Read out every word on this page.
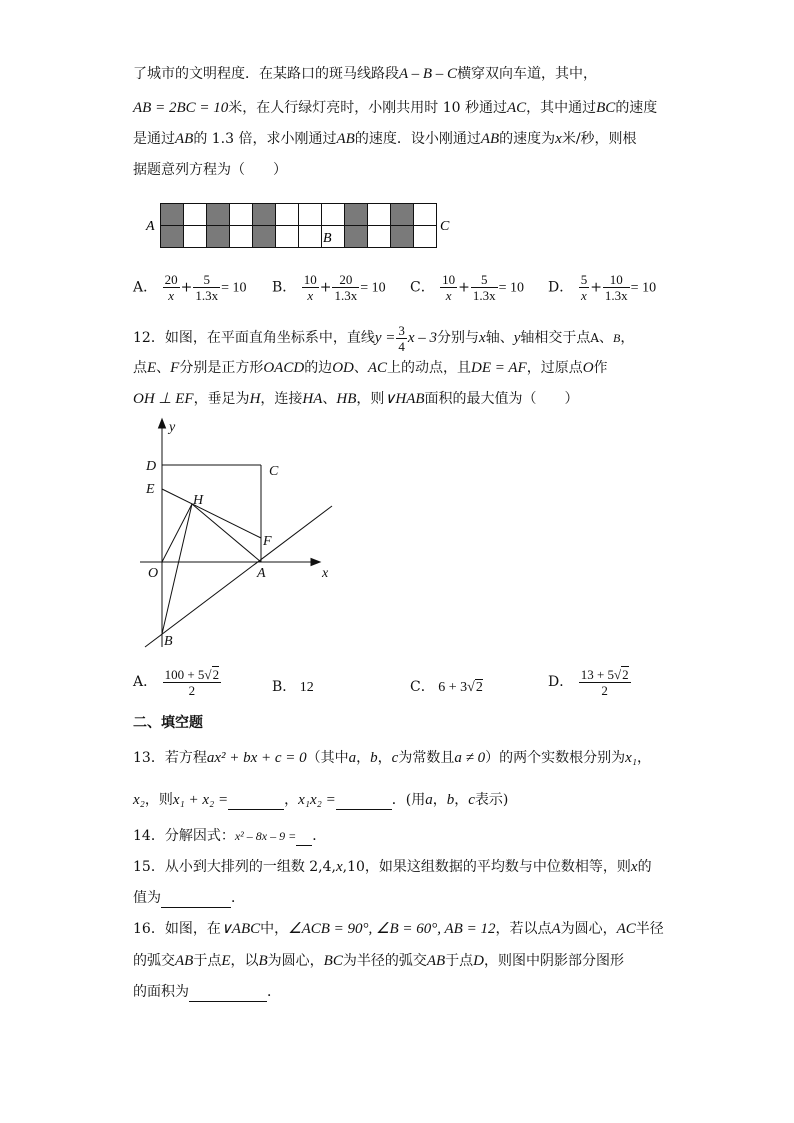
了城市的文明程度．在某路口的斑马线路段A – B – C横穿双向车道，其中，
AB = 2BC = 10米，在人行绿灯亮时，小刚共用时 10 秒通过AC，其中通过BC的速度
是通过AB的 1.3 倍，求小刚通过AB的速度．设小刚通过AB的速度为x米/秒，则根
据题意列方程为（　　）
A
B
C
A． $\frac{20}{x} + \frac{5}{1.3x} = 10$ B． $\frac{10}{x} + \frac{20}{1.3x} = 10$ C． $\frac{10}{x} + \frac{5}{1.3x} = 10$ D． $\frac{5}{x} + \frac{10}{1.3x} = 10$
12．如图，在平面直角坐标系中，直线$y = \frac{3}{4}$ x – 3分别与x轴、y轴相交于点A、B，
点E、F分别是正方形OACD的边OD、AC上的动点，且DE = AF，过原点O作
OH ⊥ EF，垂足为H，连接HA、HB，则∨HAB面积的最大值为（　　）
y
x
D	C
E
H
F
O	A
B
A． $\frac{100 + 5√2}{2}$	B． 12	C． 6 + 3√2	D． $\frac{13 + 5√2}{2}$
二、填空题
13．若方程ax² + bx + c = 0（其中a，b，c为常数且a ≠ 0）的两个实数根分别为x₁，
x₂，则x₁ + x₂ =	，x₁x₂ =	．(用a，b，c表示)
14．分解因式：x² – 8x – 9 = ．
15．从小到大排列的一组数 2,4,x,10，如果这组数据的平均数与中位数相等，则x的
值为	．
16．如图，在∨ABC中，∠ACB = 90°, ∠B = 60°, AB = 12，若以点A为圆心，AC半径
的弧交AB于点E，以B为圆心，BC为半径的弧交AB于点D，则图中阴影部分图形
的面积为	．
